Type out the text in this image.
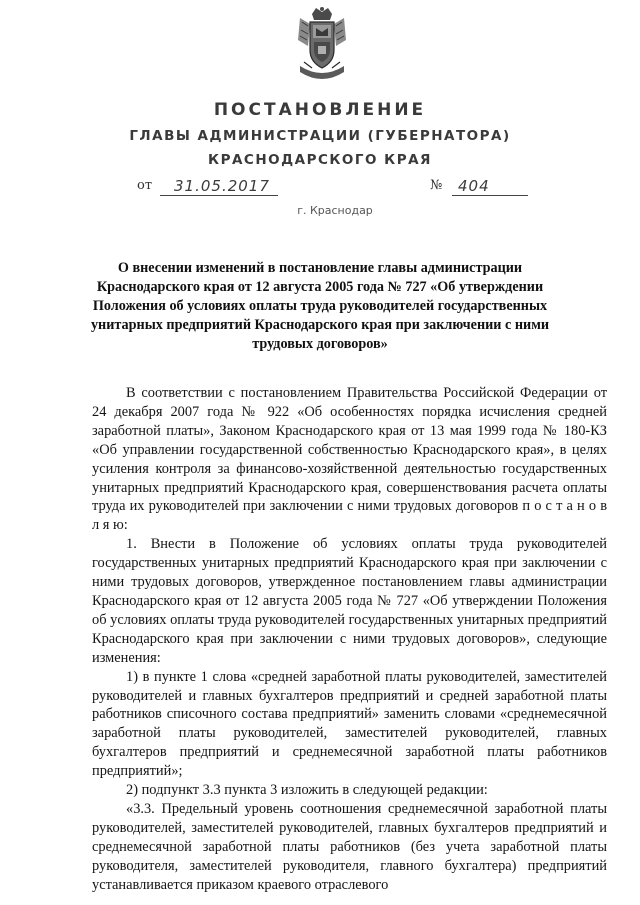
ПОСТАНОВЛЕНИЕ
ГЛАВЫ АДМИНИСТРАЦИИ (ГУБЕРНАТОРА)
КРАСНОДАРСКОГО КРАЯ
от 31.05.2017	№ 404
г. Краснодар
О внесении изменений в постановление главы администрации Краснодарского края от 12 августа 2005 года № 727 «Об утверждении Положения об условиях оплаты труда руководителей государственных унитарных предприятий Краснодарского края при заключении с ними трудовых договоров»

В соответствии с постановлением Правительства Российской Федерации от 24 декабря 2007 года № 922 «Об особенностях порядка исчисления средней заработной платы», Законом Краснодарского края от 13 мая 1999 года № 180-КЗ «Об управлении государственной собственностью Краснодарского края», в целях усиления контроля за финансово-хозяйственной деятельностью государственных унитарных предприятий Краснодарского края, совершенствования расчета оплаты труда их руководителей при заключении с ними трудовых договоров п о с т а н о в л я ю:

1. Внести в Положение об условиях оплаты труда руководителей государственных унитарных предприятий Краснодарского края при заключении с ними трудовых договоров, утвержденное постановлением главы администрации Краснодарского края от 12 августа 2005 года № 727 «Об утверждении Положения об условиях оплаты труда руководителей государственных унитарных предприятий Краснодарского края при заключении с ними трудовых договоров», следующие изменения:

1) в пункте 1 слова «средней заработной платы руководителей, заместителей руководителей и главных бухгалтеров предприятий и средней заработной платы работников списочного состава предприятий» заменить словами «среднемесячной заработной платы руководителей, заместителей руководителей, главных бухгалтеров предприятий и среднемесячной заработной платы работников предприятий»;

2) подпункт 3.3 пункта 3 изложить в следующей редакции:

«3.3. Предельный уровень соотношения среднемесячной заработной платы руководителей, заместителей руководителей, главных бухгалтеров предприятий и среднемесячной заработной платы работников (без учета заработной платы руководителя, заместителей руководителя, главного бухгалтера) предприятий устанавливается приказом краевого отраслевого
